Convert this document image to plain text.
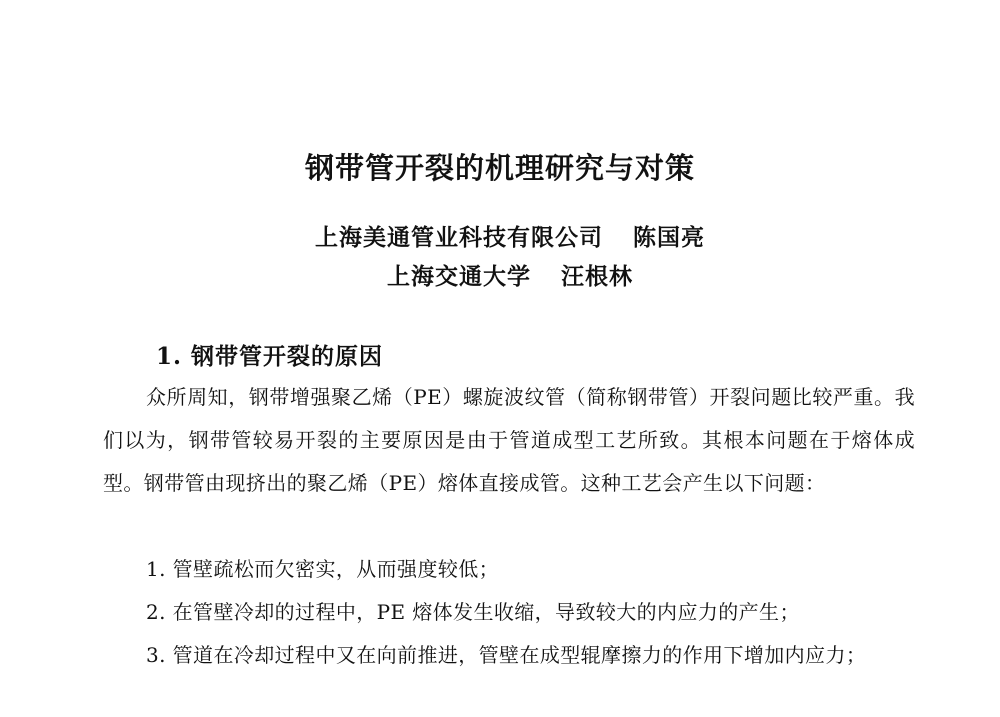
钢带管开裂的机理研究与对策

上海美通管业科技有限公司 陈国亮

上海交通大学 汪根林

1. 钢带管开裂的原因

众所周知，钢带增强聚乙烯（PE）螺旋波纹管（简称钢带管）开裂问题比较严重。我们以为，钢带管较易开裂的主要原因是由于管道成型工艺所致。其根本问题在于熔体成型。钢带管由现挤出的聚乙烯（PE）熔体直接成管。这种工艺会产生以下问题：

1. 管壁疏松而欠密实，从而强度较低；

2. 在管壁冷却的过程中，PE 熔体发生收缩，导致较大的内应力的产生；

3. 管道在冷却过程中又在向前推进，管壁在成型辊摩擦力的作用下增加内应力；
